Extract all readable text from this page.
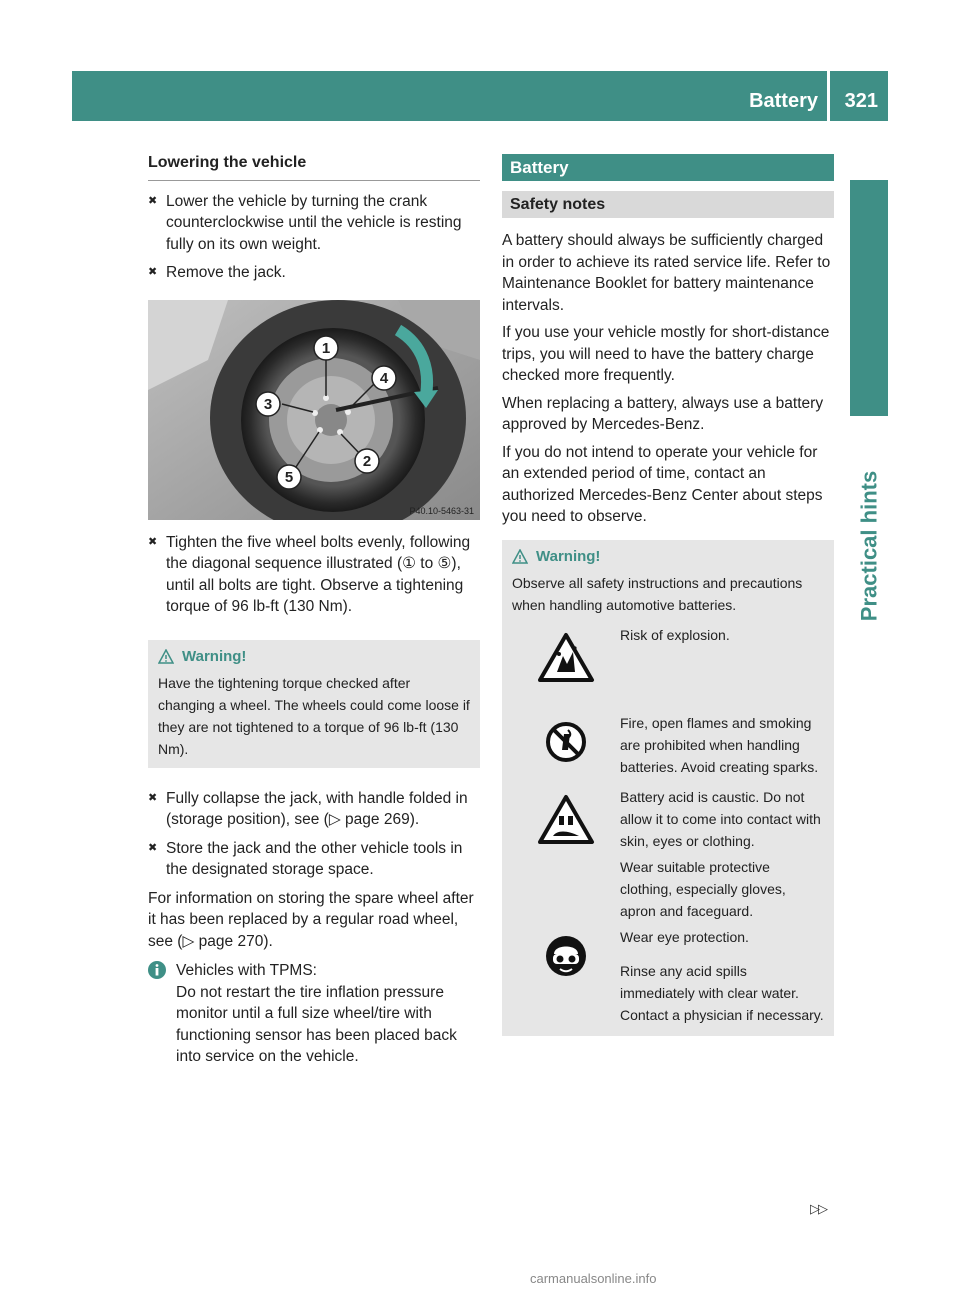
Battery 321
Practical hints
Lowering the vehicle
✖ Lower the vehicle by turning the crank counterclockwise until the vehicle is resting fully on its own weight.
✖ Remove the jack.
1
4
3
2
5
P40.10-5463-31
✖ Tighten the five wheel bolts evenly, following the diagonal sequence illustrated (① to ⑤), until all bolts are tight. Observe a tightening torque of 96 lb-ft (130 Nm).
Warning!
Have the tightening torque checked after changing a wheel. The wheels could come loose if they are not tightened to a torque of 96 lb-ft (130 Nm).
✖ Fully collapse the jack, with handle folded in (storage position), see (▷ page 269).
✖ Store the jack and the other vehicle tools in the designated storage space.

For information on storing the spare wheel after it has been replaced by a regular road wheel, see (▷ page 270).

Vehicles with TPMS:
Do not restart the tire inflation pressure monitor until a full size wheel/tire with functioning sensor has been placed back into service on the vehicle.
Battery
Safety notes

A battery should always be sufficiently charged in order to achieve its rated service life. Refer to Maintenance Booklet for battery maintenance intervals.

If you use your vehicle mostly for short-distance trips, you will need to have the battery charge checked more frequently.

When replacing a battery, always use a battery approved by Mercedes-Benz.

If you do not intend to operate your vehicle for an extended period of time, contact an authorized Mercedes-Benz Center about steps you need to observe.

Warning!
Observe all safety instructions and precautions when handling automotive batteries.
Risk of explosion.
Fire, open flames and smoking are prohibited when handling batteries. Avoid creating sparks.
Battery acid is caustic. Do not allow it to come into contact with skin, eyes or clothing.
Wear suitable protective clothing, especially gloves, apron and faceguard.
Wear eye protection.
Rinse any acid spills immediately with clear water. Contact a physician if necessary.
▷▷
carmanualsonline.info
